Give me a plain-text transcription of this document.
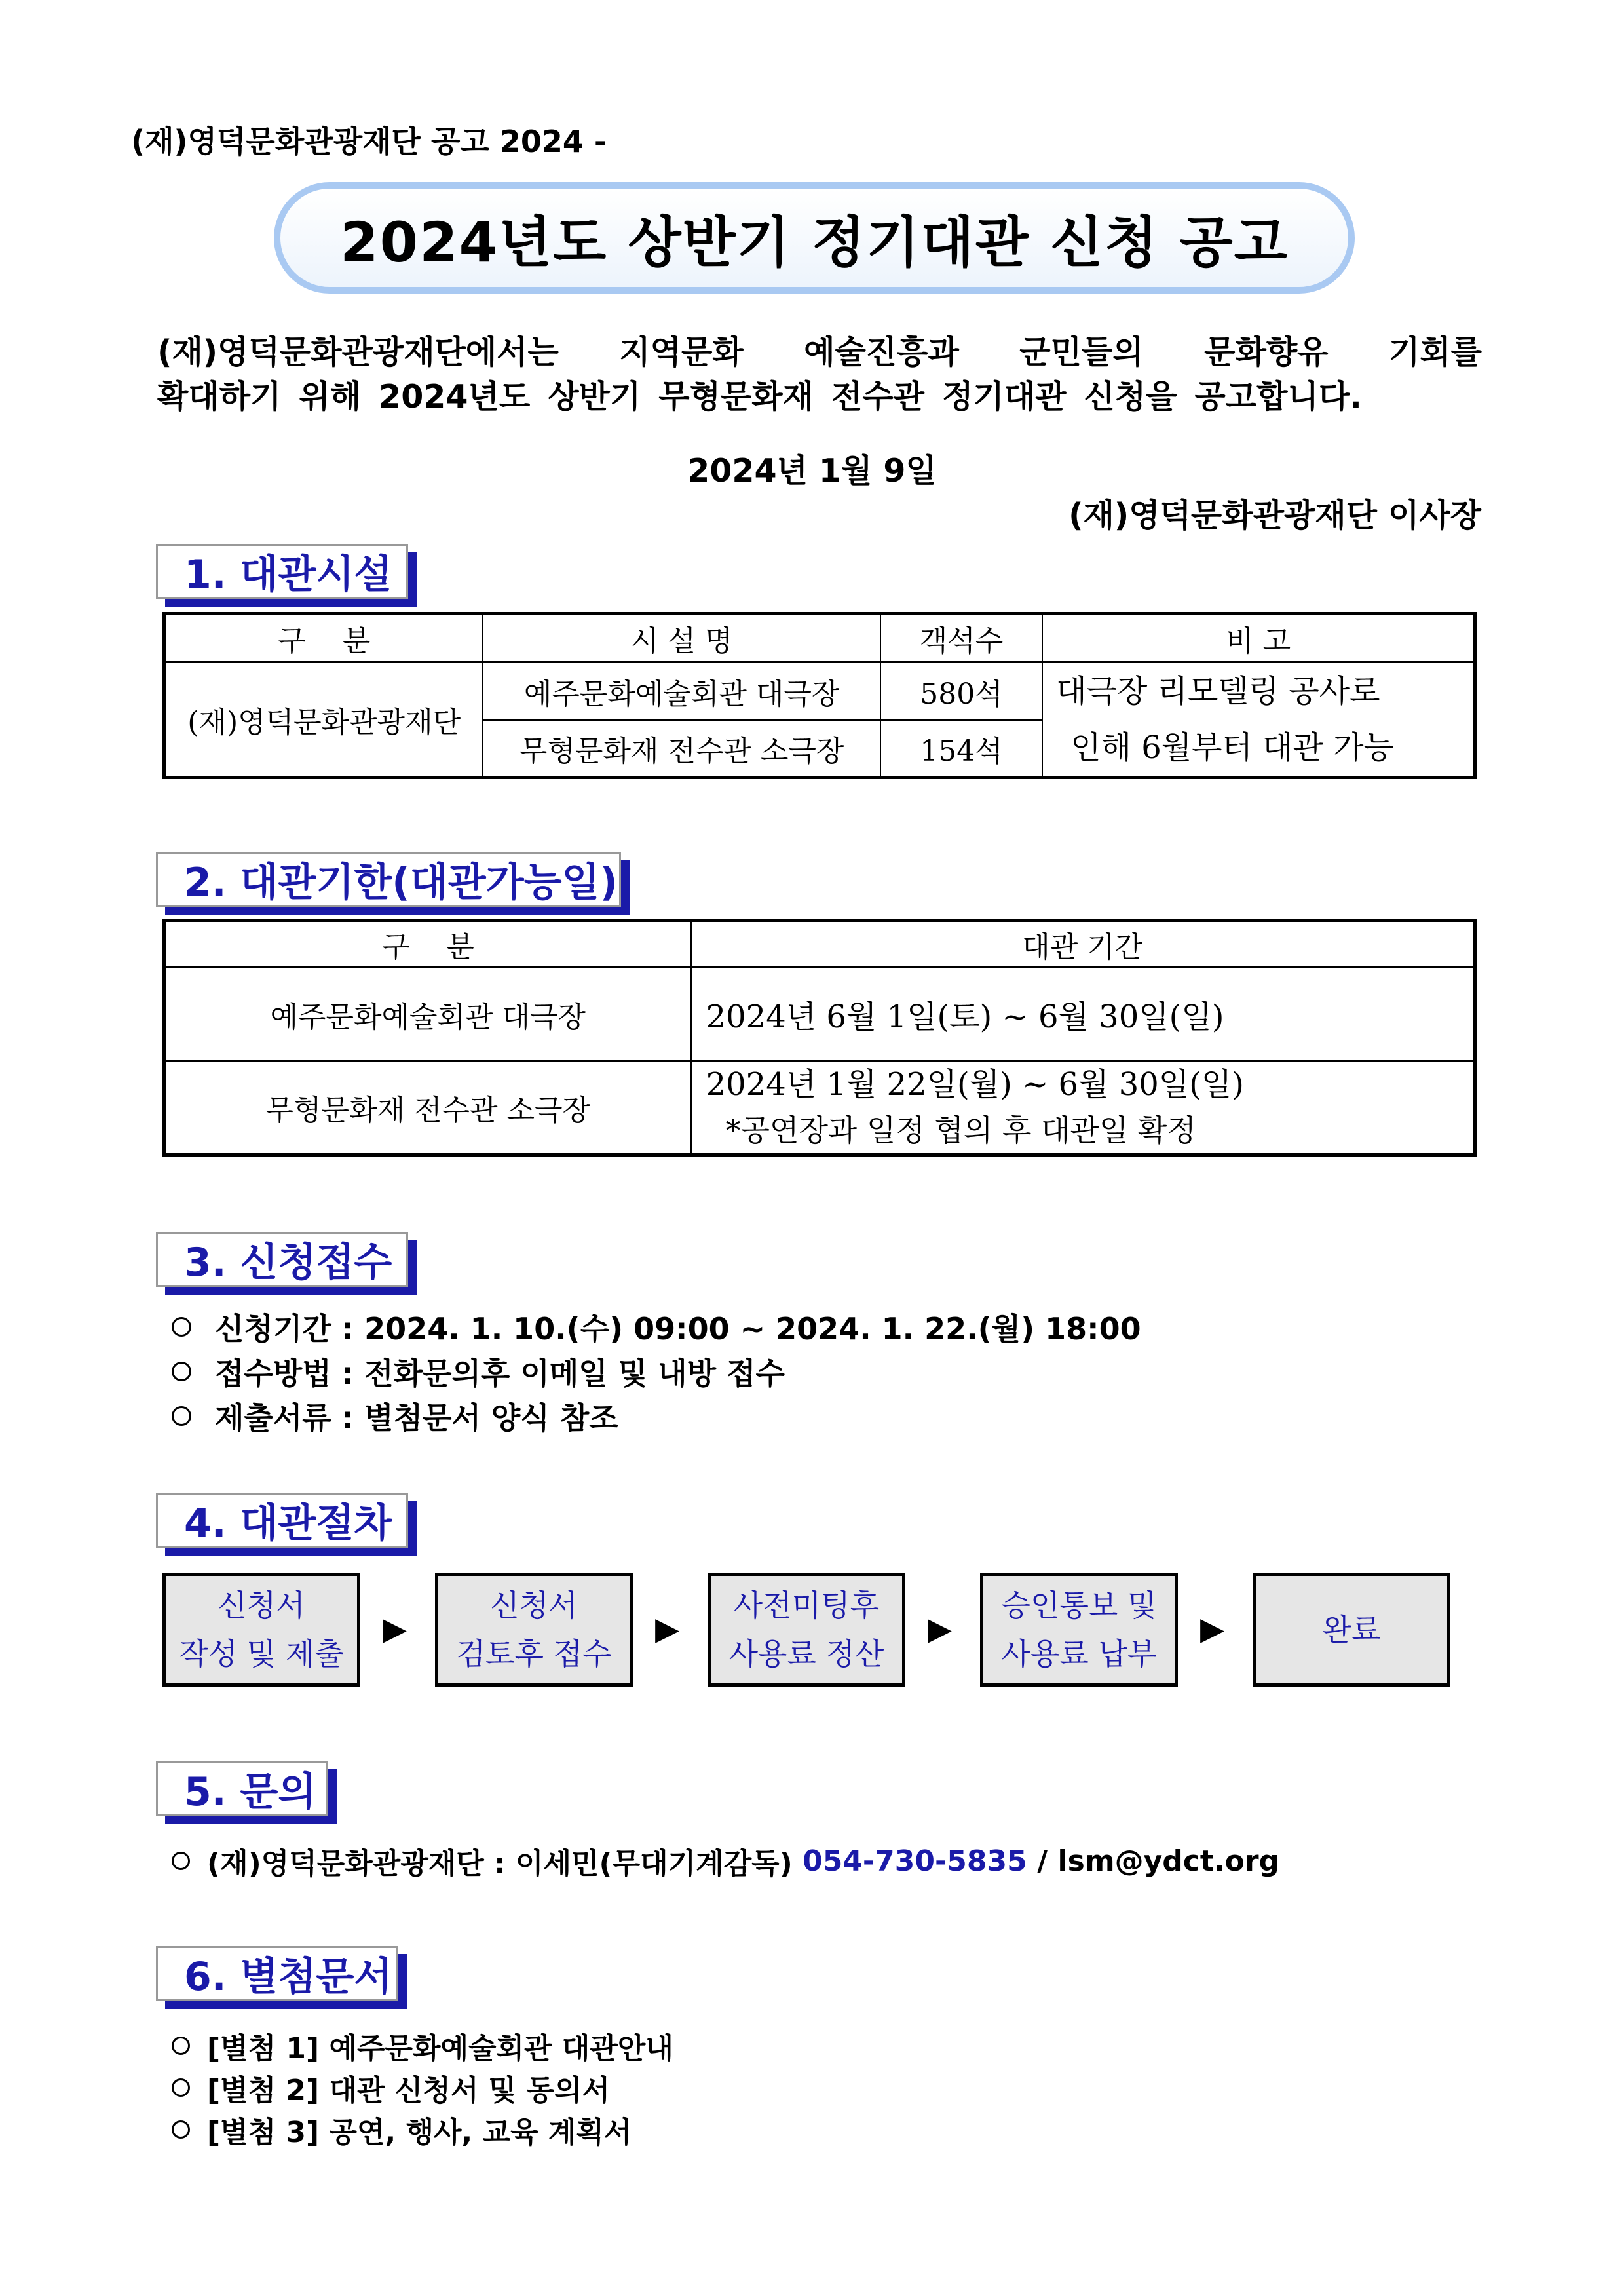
(재)영덕문화관광재단 공고 2024 -
2024년도 상반기 정기대관 신청 공고
(재)영덕문화관광재단에서는 지역문화 예술진흥과 군민들의 문화향유 기회를
확대하기 위해 2024년도 상반기 무형문화재 전수관 정기대관 신청을 공고합니다.
2024년 1월 9일
(재)영덕문화관광재단 이사장
1. 대관시설
구    분	시 설 명	객석수	비 고
(재)영덕문화관광재단	예주문화예술회관 대극장	580석	대극장 리모델링 공사로
인해 6월부터 대관 가능

	무형문화재 전수관 소극장	154석	
2. 대관기한(대관가능일)
구    분	대관 기간
예주문화예술회관 대극장	2024년 6월 1일(토) ~ 6월 30일(일)
무형문화재 전수관 소극장	2024년 1월 22일(월) ~ 6월 30일(일)
*공연장과 일정 협의 후 대관일 확정
3. 신청접수
신청기간 : 2024. 1. 10.(수) 09:00 ~ 2024. 1. 22.(월) 18:00
접수방법 : 전화문의후 이메일 및 내방 접수
제출서류 : 별첨문서 양식 참조
4. 대관절차
신청서
작성 및 제출
▶
신청서
검토후 접수
▶
사전미팅후
사용료 정산
▶
승인통보 및
사용료 납부
▶	완료
5. 문의
(재)영덕문화관광재단 : 이세민(무대기계감독)
054-730-5835
/
lsm@ydct.org
6. 별첨문서
[별첨 1] 예주문화예술회관 대관안내
[별첨 2] 대관 신청서 및 동의서
[별첨 3] 공연, 행사, 교육 계획서
